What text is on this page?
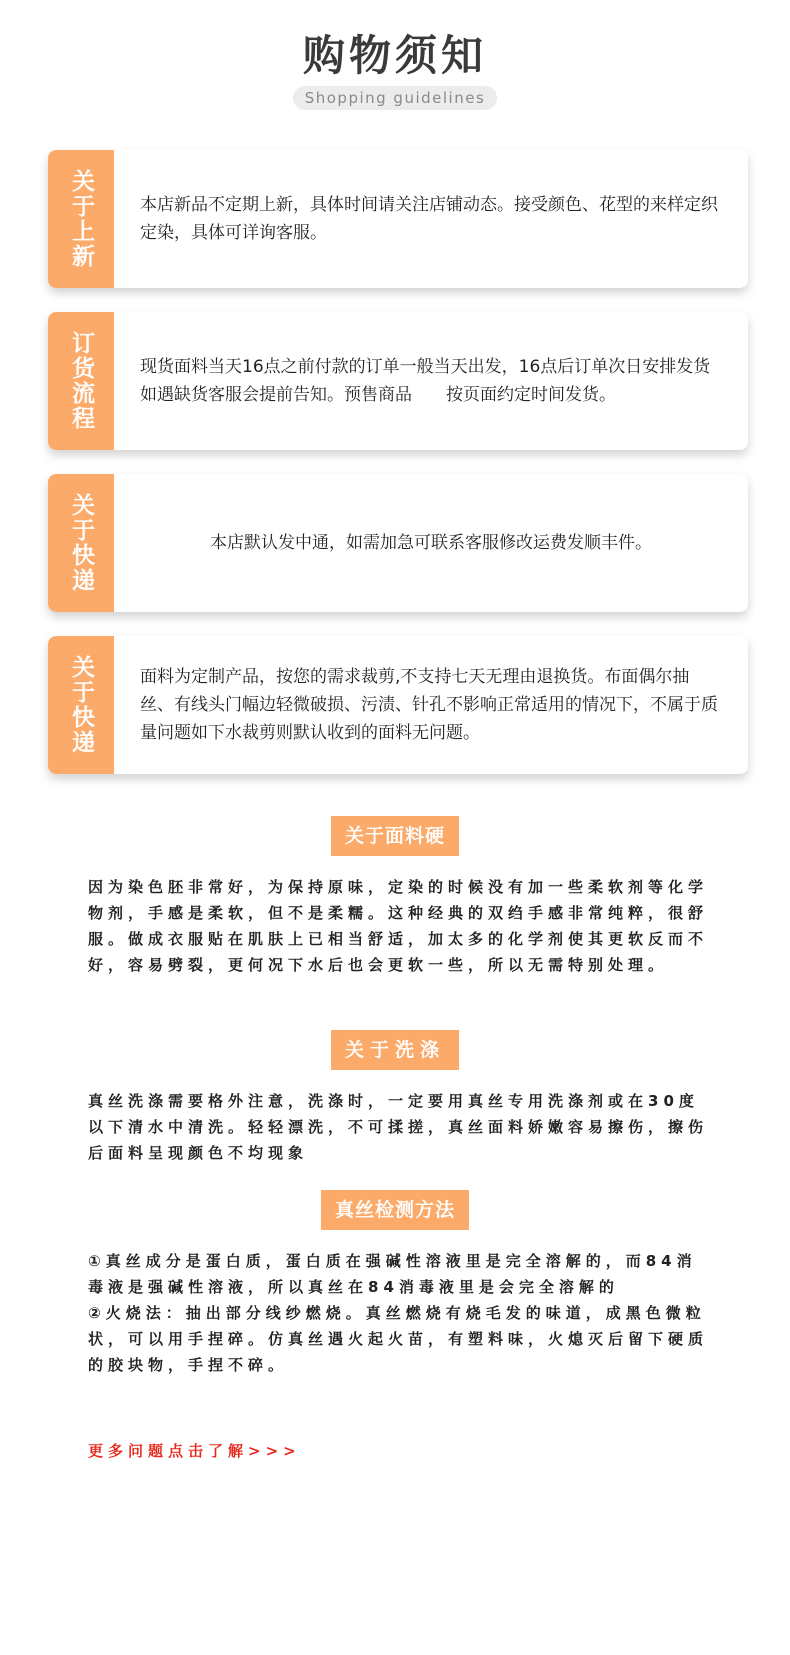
购物须知
Shopping guidelines
关于上新	本店新品不定期上新，具体时间请关注店铺动态。接受颜色、花型的来样定织定染，具体可详询客服。
订货流程	现货面料当天16点之前付款的订单一般当天出发，16点后订单次日安排发货如遇缺货客服会提前告知。预售商品　　按页面约定时间发货。
关于快递	本店默认发中通，如需加急可联系客服修改运费发顺丰件。
关于快递	面料为定制产品，按您的需求裁剪,不支持七天无理由退换货。布面偶尔抽丝、有线头门幅边轻微破损、污渍、针孔不影响正常适用的情况下，不属于质量问题如下水裁剪则默认收到的面料无问题。
关于面料硬
因为染色胚非常好，为保持原味，定染的时候没有加一些柔软剂等化学物剂，手感是柔软，但不是柔糯。这种经典的双绉手感非常纯粹，很舒服。做成衣服贴在肌肤上已相当舒适，加太多的化学剂使其更软反而不好，容易劈裂，更何况下水后也会更软一些，所以无需特别处理。
关于洗涤
真丝洗涤需要格外注意，洗涤时，一定要用真丝专用洗涤剂或在30度以下清水中清洗。轻轻漂洗，不可揉搓，真丝面料娇嫩容易擦伤，擦伤后面料呈现颜色不均现象
真丝检测方法
①真丝成分是蛋白质，蛋白质在强碱性溶液里是完全溶解的，而84消毒液是强碱性溶液，所以真丝在84消毒液里是会完全溶解的
②火烧法：抽出部分线纱燃烧。真丝燃烧有烧毛发的味道，成黑色微粒状，可以用手捏碎。仿真丝遇火起火苗，有塑料味，火熄灭后留下硬质的胶块物，手捏不碎。
更多问题点击了解>>>
